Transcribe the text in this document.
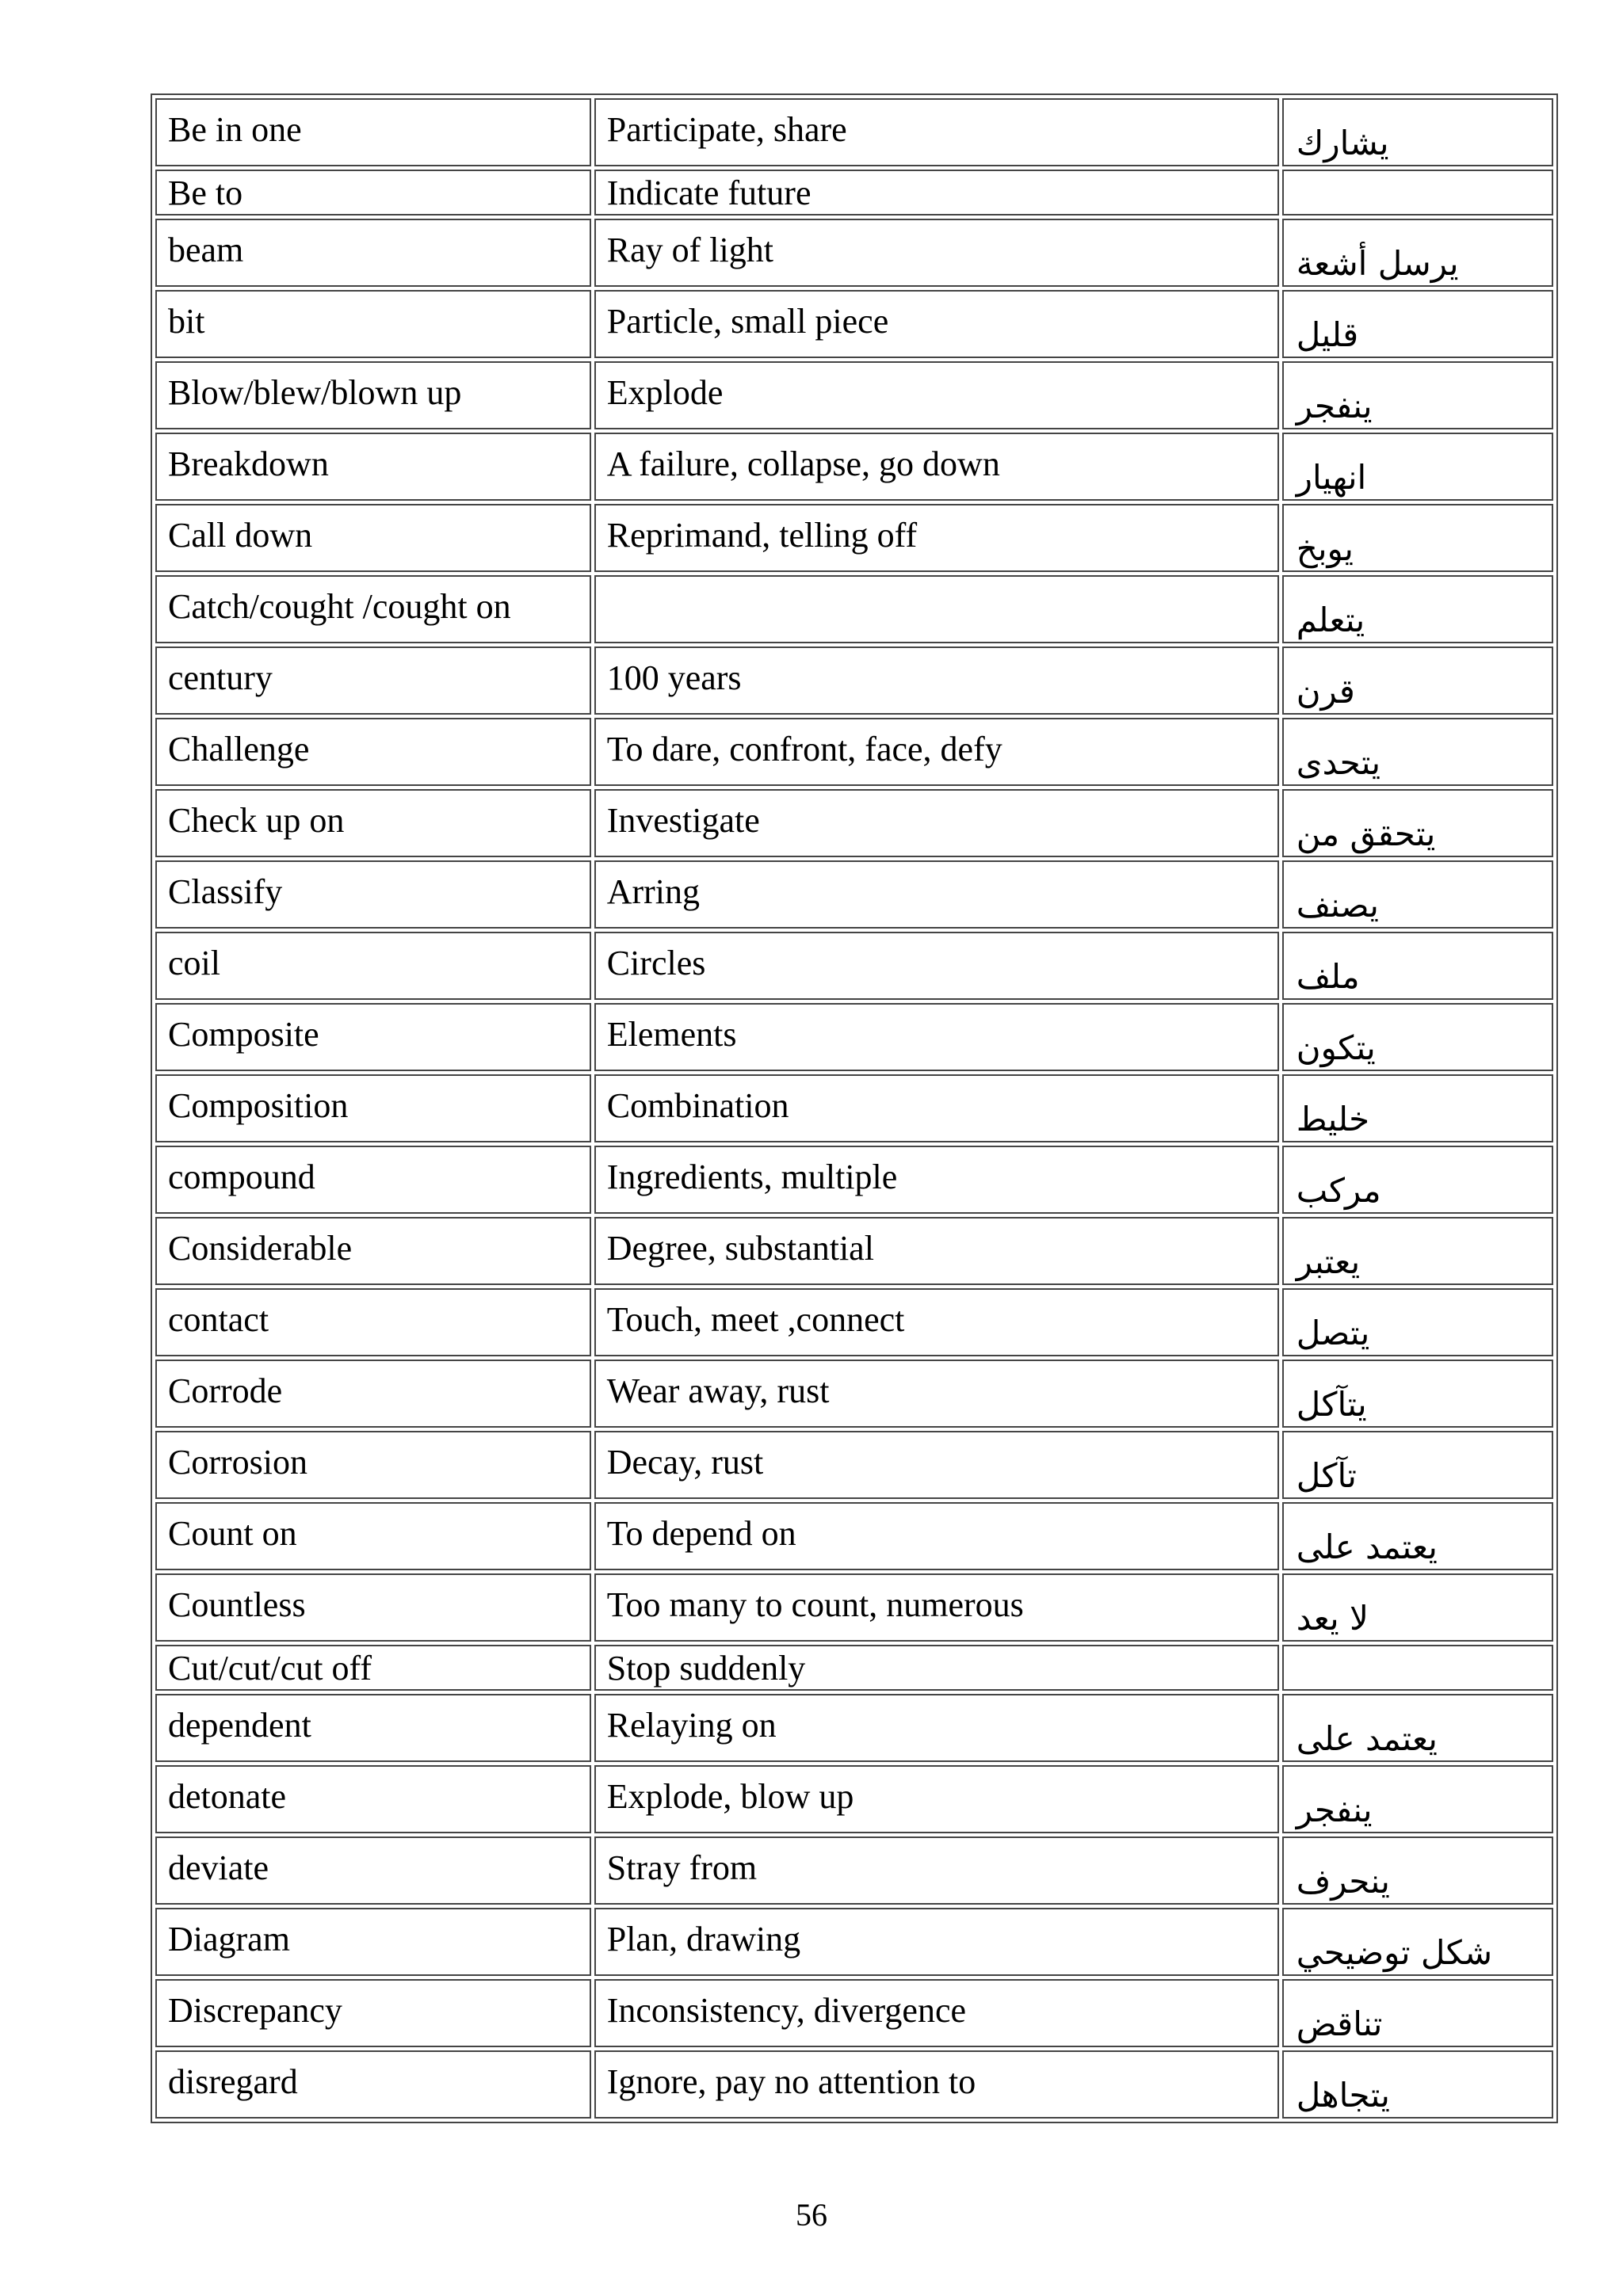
Be in one	Participate, share	يشارك
Be to	Indicate future	
beam	Ray of light	يرسل أشعة
bit	Particle, small piece	قليل
Blow/blew/blown up	Explode	ينفجر
Breakdown	A failure, collapse, go down	انهيار
Call down	Reprimand, telling off	يوبخ
Catch/cought /cought on		يتعلم
century	100 years	قرن
Challenge	To dare, confront, face, defy	يتحدى
Check up on	Investigate	يتحقق من
Classify	Arring	يصنف
coil	Circles	ملف
Composite	Elements	يتكون
Composition	Combination	خليط
compound	Ingredients, multiple	مركب
Considerable	Degree, substantial	يعتبر
contact	Touch, meet ,connect	يتصل
Corrode	Wear away, rust	يتآكل
Corrosion	Decay, rust	تآكل
Count on	To depend on	يعتمد على
Countless	Too many to count, numerous	لا يعد
Cut/cut/cut off	Stop suddenly	
dependent	Relaying on	يعتمد على
detonate	Explode, blow up	ينفجر
deviate	Stray from	ينحرف
Diagram	Plan, drawing	شكل توضيحي
Discrepancy	Inconsistency, divergence	تناقض
disregard	Ignore, pay no attention to	يتجاهل
56
